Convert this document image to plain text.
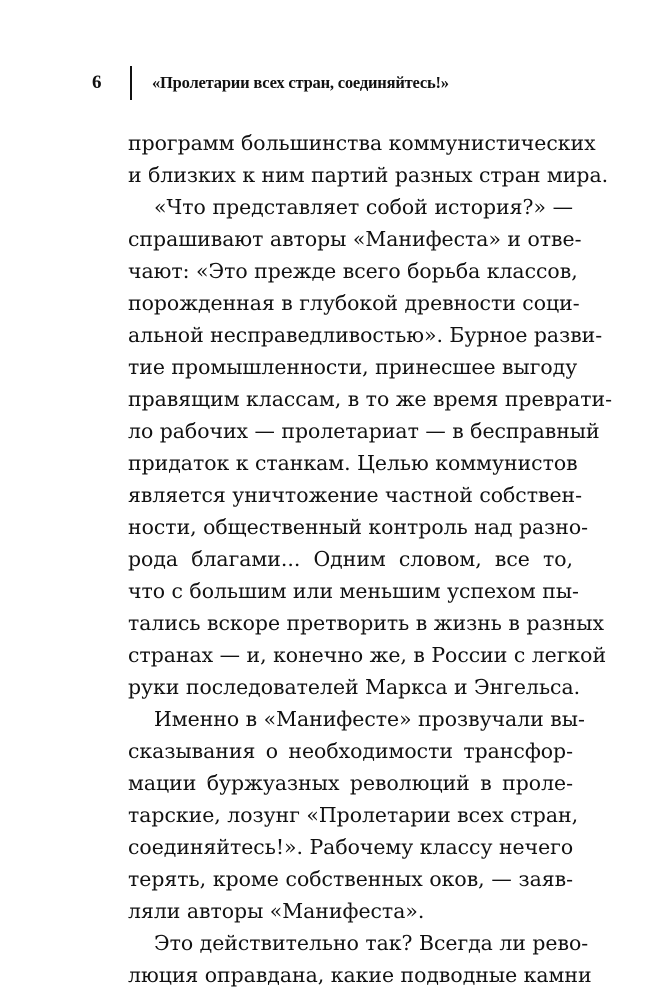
6	«Пролетарии всех стран, соединяйтесь!»
программ большинства коммунистических
и близких к ним партий разных стран мира.
«Что представляет собой история?» —
спрашивают авторы «Манифеста» и отве-
чают: «Это прежде всего борьба классов,
порожденная в глубокой древности соци-
альной несправедливостью». Бурное разви-
тие промышленности, принесшее выгоду
правящим классам, в то же время преврати-
ло рабочих — пролетариат — в бесправный
придаток к станкам. Целью коммунистов
является уничтожение частной собствен-
ности, общественный контроль над разно-
рода благами... Одним словом, все то,
что с большим или меньшим успехом пы-
тались вскоре претворить в жизнь в разных
странах — и, конечно же, в России с легкой
руки последователей Маркса и Энгельса.
Именно в «Манифесте» прозвучали вы-
сказывания о необходимости трансфор-
мации буржуазных революций в проле-
тарские, лозунг «Пролетарии всех стран,
соединяйтесь!». Рабочему классу нечего
терять, кроме собственных оков, — заяв-
ляли авторы «Манифеста».
Это действительно так? Всегда ли рево-
люция оправдана, какие подводные камни
